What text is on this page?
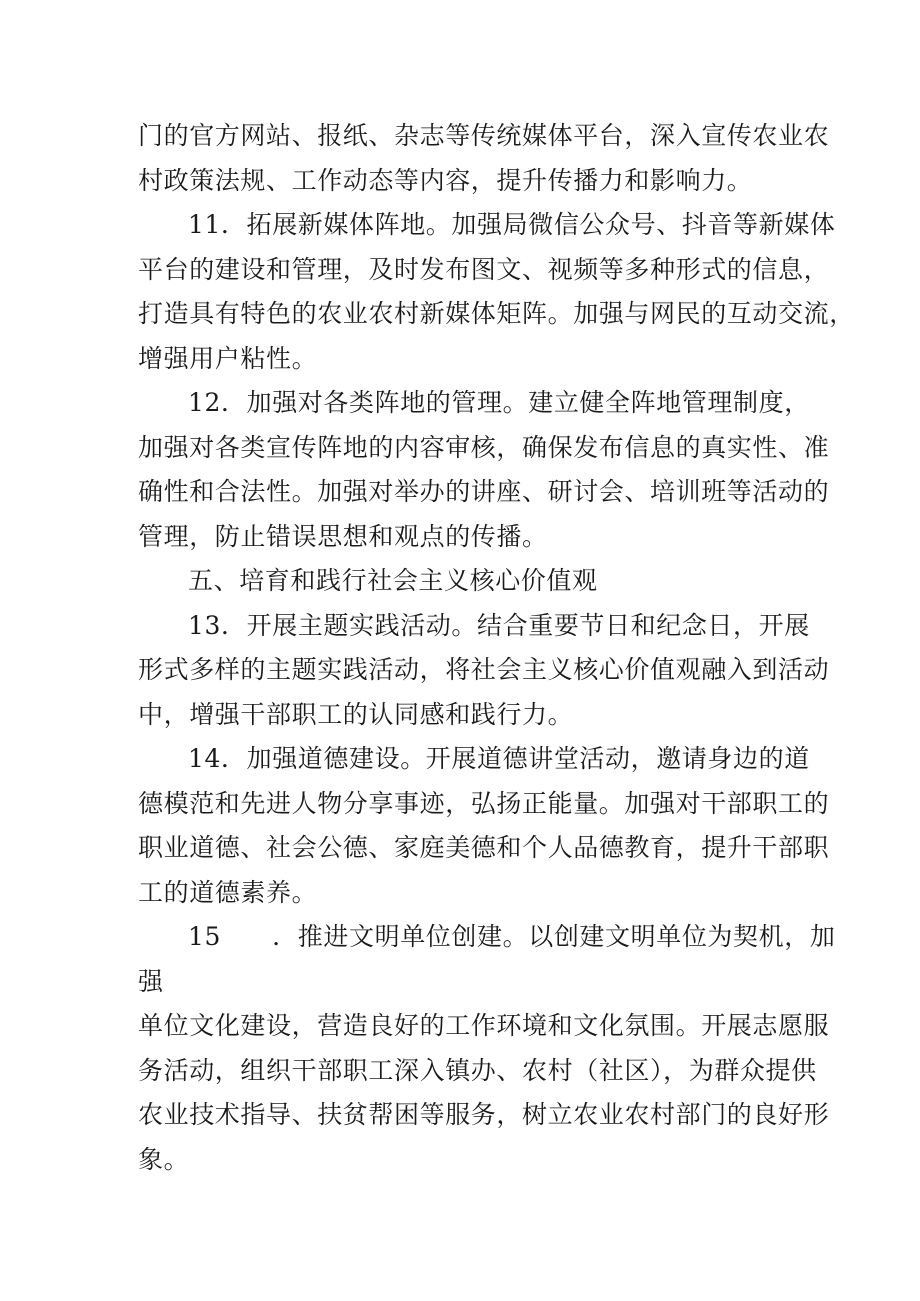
门的官方网站、报纸、杂志等传统媒体平台，深入宣传农业农
村政策法规、工作动态等内容，提升传播力和影响力。
11．拓展新媒体阵地。加强局微信公众号、抖音等新媒体
平台的建设和管理，及时发布图文、视频等多种形式的信息，
打造具有特色的农业农村新媒体矩阵。加强与网民的互动交流，
增强用户粘性。
12．加强对各类阵地的管理。建立健全阵地管理制度，
加强对各类宣传阵地的内容审核，确保发布信息的真实性、准
确性和合法性。加强对举办的讲座、研讨会、培训班等活动的
管理，防止错误思想和观点的传播。
五、培育和践行社会主义核心价值观
13．开展主题实践活动。结合重要节日和纪念日，开展
形式多样的主题实践活动，将社会主义核心价值观融入到活动
中，增强干部职工的认同感和践行力。
14．加强道德建设。开展道德讲堂活动，邀请身边的道
德模范和先进人物分享事迹，弘扬正能量。加强对干部职工的
职业道德、社会公德、家庭美德和个人品德教育，提升干部职
工的道德素养。
15　　．推进文明单位创建。以创建文明单位为契机，加
强
单位文化建设，营造良好的工作环境和文化氛围。开展志愿服
务活动，组织干部职工深入镇办、农村（社区），为群众提供
农业技术指导、扶贫帮困等服务，树立农业农村部门的良好形
象。
